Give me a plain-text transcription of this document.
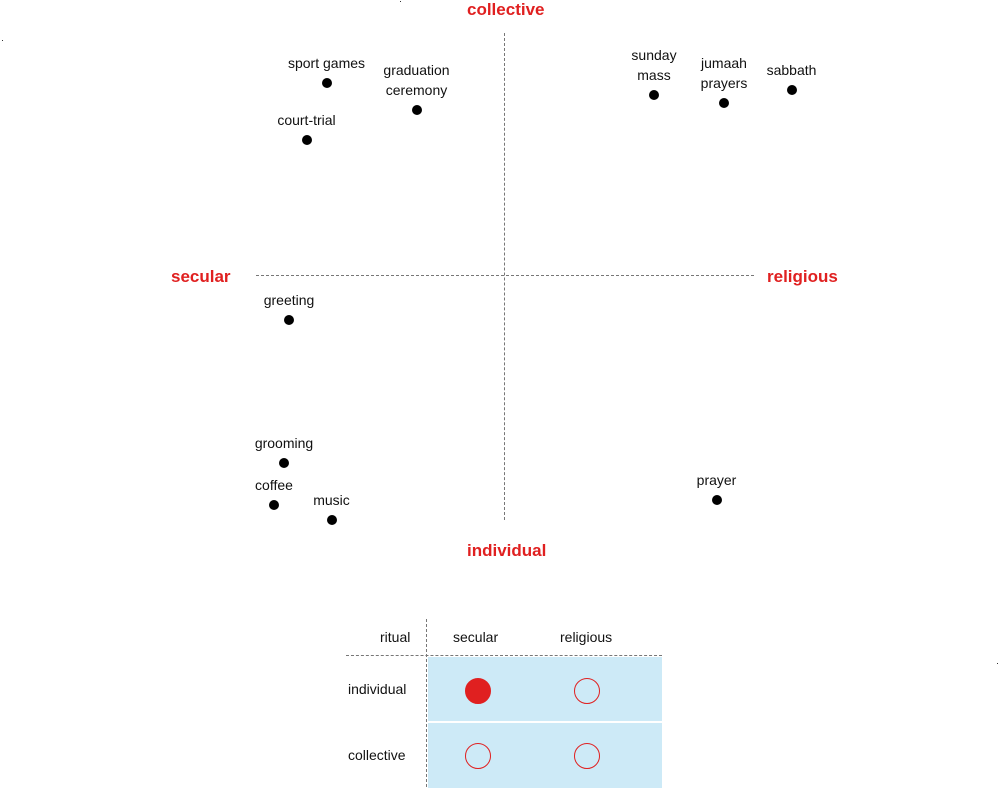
collective
individual
secular	religious
sport games graduation
ceremony
court-trial
sunday
mass
jumaah
prayers
sabbath
greeting
grooming
coffee
music
prayer
ritual	secular	religious
individual
collective
